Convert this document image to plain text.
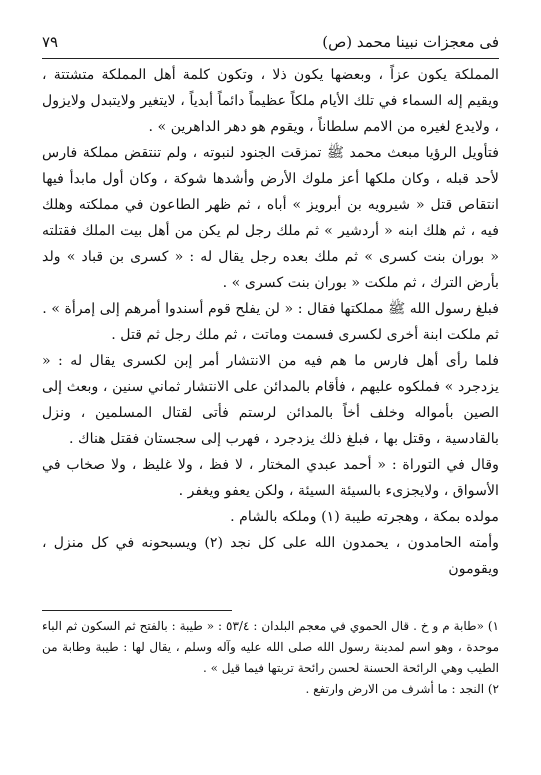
فى معجزات نبينا محمد (ص)
٧٩

المملكة يكون عزاً ، وبعضها يكون ذلا ، وتكون كلمة أهل المملكة متشتتة ، ويقيم إله السماء في تلك الأيام ملكاً عظيماً دائماً أبدياً ، لايتغير ولايتبدل ولايزول ، ولايدع لغيره من الامم سلطاناً ، ويقوم هو دهر الداهرين » .

فتأويل الرؤيا مبعث محمد ﷺ تمزقت الجنود لنبوته ، ولم تنتقض مملكة فارس لأحد قبله ، وكان ملكها أعز ملوك الأرض وأشدها شوكة ، وكان أول مابدأ فيها انتقاص قتل « شيرويه بن أبرويز » أباه ، ثم ظهر الطاعون في مملكته وهلك فيه ، ثم هلك ابنه « أردشير » ثم ملك رجل لم يكن من أهل بيت الملك فقتلته « بوران بنت كسرى » ثم ملك بعده رجل يقال له : « كسرى بن قباد » ولد بأرض الترك ، ثم ملكت « بوران بنت كسرى » .

فبلغ رسول الله ﷺ مملكتها فقال : « لن يفلح قوم أسندوا أمرهم إلى إمرأة » .

ثم ملكت ابنة أخرى لكسرى فسمت وماتت ، ثم ملك رجل ثم قتل .

فلما رأى أهل فارس ما هم فيه من الانتشار أمر إبن لكسرى يقال له : « يزدجرد » فملكوه عليهم ، فأقام بالمدائن على الانتشار ثماني سنين ، وبعث إلى الصين بأمواله وخلف أخاً بالمدائن لرستم فأتى لقتال المسلمين ، ونزل بالقادسية ، وقتل بها ، فبلغ ذلك يزدجرد ، فهرب إلى سجستان فقتل هناك .

وقال في التوراة : « أحمد عبدي المختار ، لا فظ ، ولا غليظ ، ولا صخاب في الأسواق ، ولايجزىء بالسيئة السيئة ، ولكن يعفو ويغفر .

مولده بمكة ، وهجرته طيبة (١) وملكه بالشام .

وأمته الحامدون ، يحمدون الله على كل نجد (٢) ويسبحونه في كل منزل ، ويقومون

١) «طابة م و خ . قال الحموي في معجم البلدان : ٥٣/٤ : « طيبة : بالفتح ثم السكون ثم الباء موحدة ، وهو اسم لمدينة رسول الله صلى الله عليه وآله وسلم ، يقال لها : طيبة وطابة من الطيب وهي الرائحة الحسنة لحسن رائحة تربتها فيما قيل » .

٢) النجد : ما أشرف من الارض وارتفع .
